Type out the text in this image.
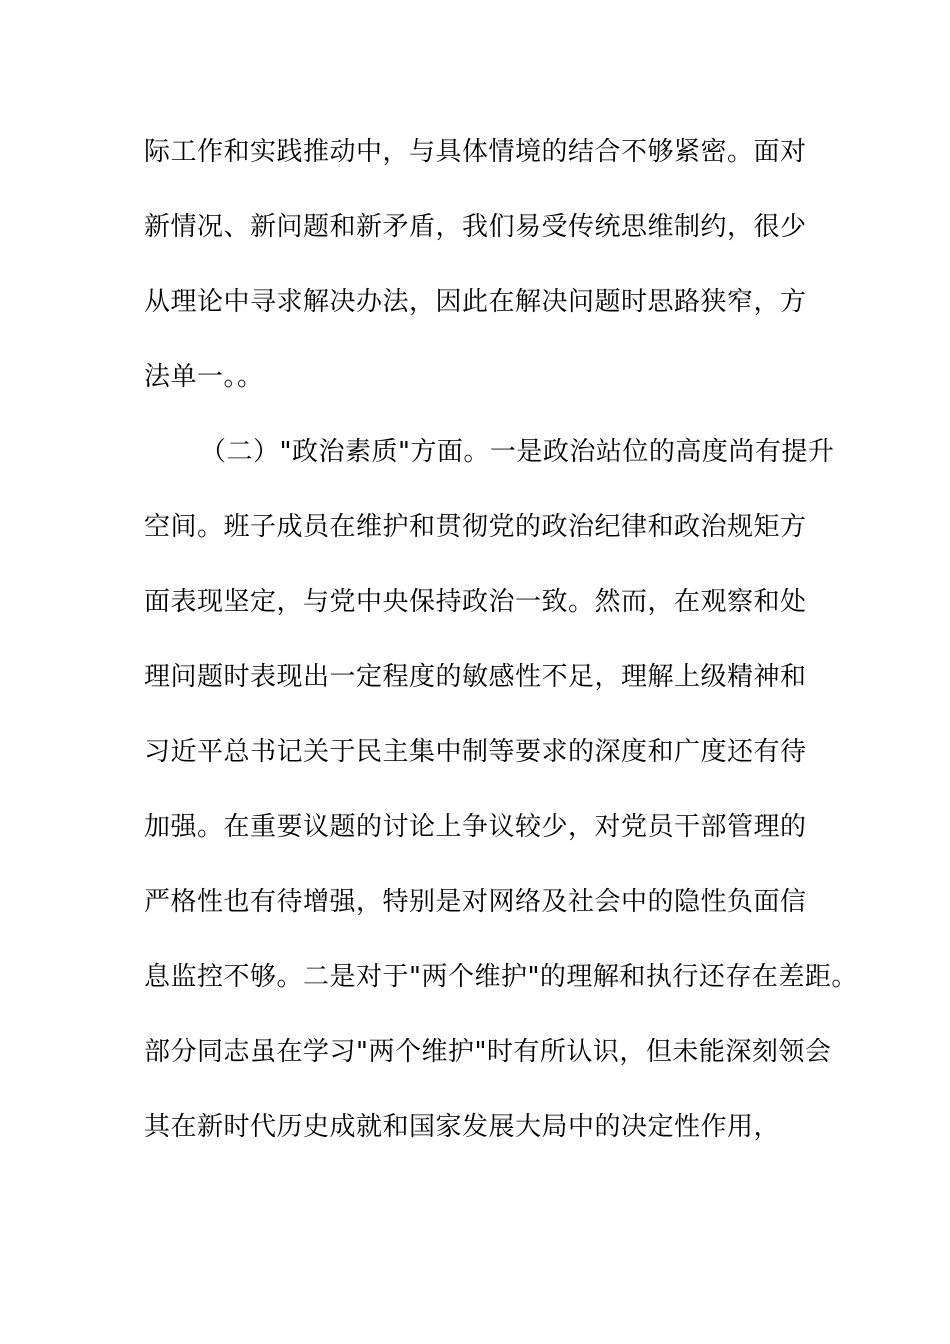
际工作和实践推动中，与具体情境的结合不够紧密。面对
新情况、新问题和新矛盾，我们易受传统思维制约，很少
从理论中寻求解决办法，因此在解决问题时思路狭窄，方
法单一。。
（二）"政治素质"方面。一是政治站位的高度尚有提升
空间。班子成员在维护和贯彻党的政治纪律和政治规矩方
面表现坚定，与党中央保持政治一致。然而，在观察和处
理问题时表现出一定程度的敏感性不足，理解上级精神和
习近平总书记关于民主集中制等要求的深度和广度还有待
加强。在重要议题的讨论上争议较少，对党员干部管理的
严格性也有待增强，特别是对网络及社会中的隐性负面信
息监控不够。二是对于"两个维护"的理解和执行还存在差距。
部分同志虽在学习"两个维护"时有所认识，但未能深刻领会
其在新时代历史成就和国家发展大局中的决定性作用，
